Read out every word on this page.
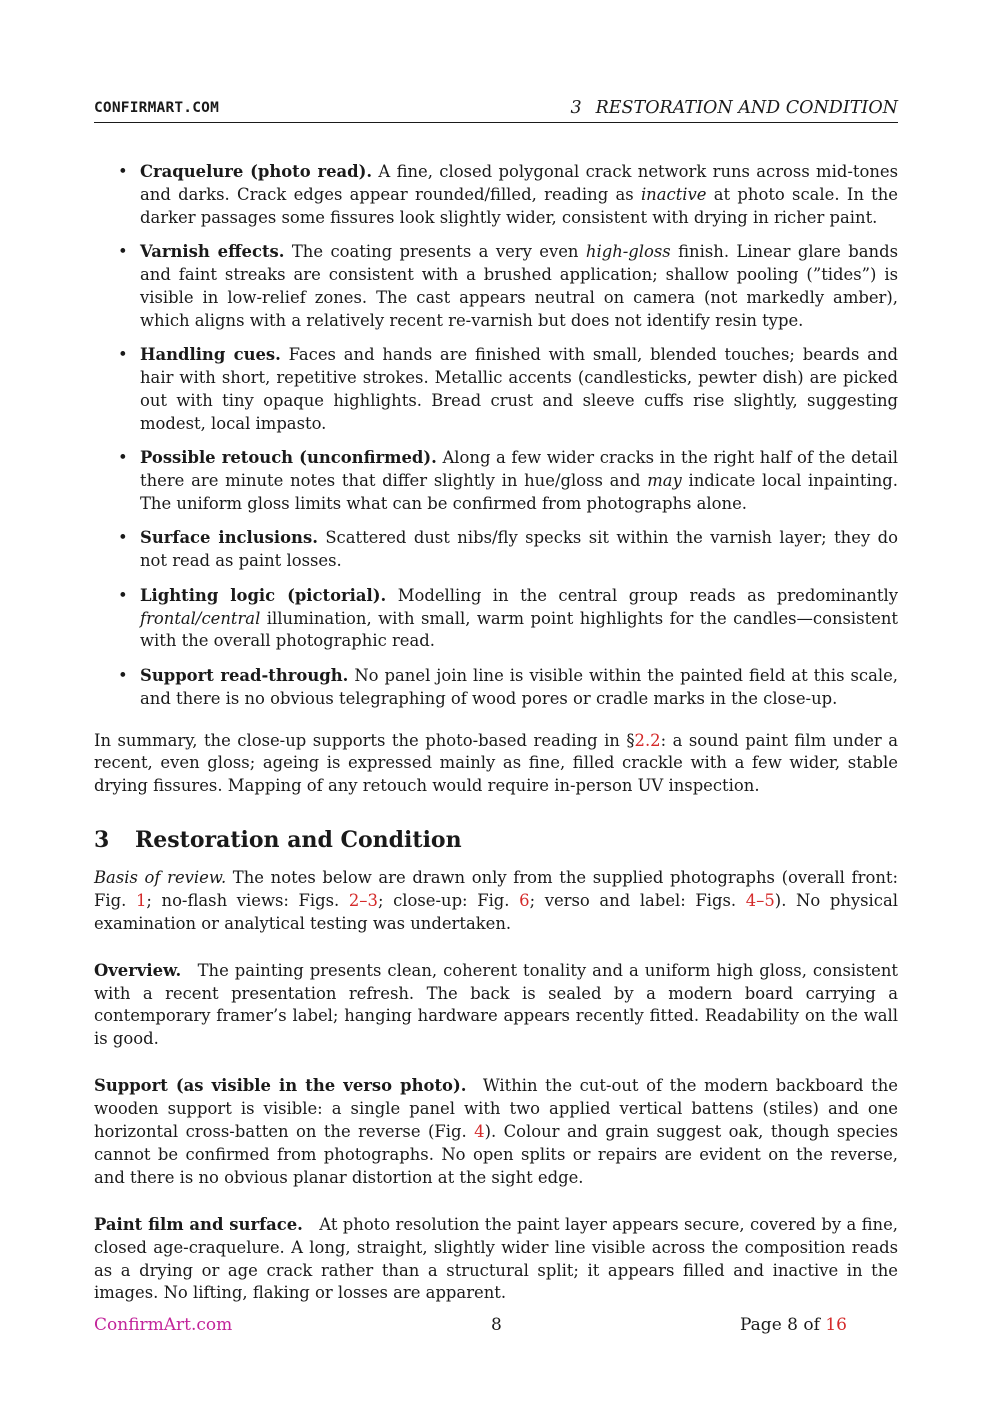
CONFIRMART.COM	3 RESTORATION AND CONDITION
• Craquelure (photo read). A fine, closed polygonal crack network runs across mid-tones and darks. Crack edges appear rounded/filled, reading as inactive at photo scale. In the darker passages some fissures look slightly wider, consistent with drying in richer paint.
• Varnish effects. The coating presents a very even high-gloss finish. Linear glare bands and faint streaks are consistent with a brushed application; shallow pooling (”tides”) is visible in low-relief zones. The cast appears neutral on camera (not markedly amber), which aligns with a relatively recent re-varnish but does not identify resin type.
• Handling cues. Faces and hands are finished with small, blended touches; beards and hair with short, repetitive strokes. Metallic accents (candlesticks, pewter dish) are picked out with tiny opaque highlights. Bread crust and sleeve cuffs rise slightly, suggesting modest, local impasto.
• Possible retouch (unconfirmed). Along a few wider cracks in the right half of the detail there are minute notes that differ slightly in hue/gloss and may indicate local inpainting. The uniform gloss limits what can be confirmed from photographs alone.
• Surface inclusions. Scattered dust nibs/fly specks sit within the varnish layer; they do not read as paint losses.
• Lighting logic (pictorial). Modelling in the central group reads as predominantly frontal/central illumination, with small, warm point highlights for the candles—consistent with the overall photographic read.
• Support read-through. No panel join line is visible within the painted field at this scale, and there is no obvious telegraphing of wood pores or cradle marks in the close-up.

In summary, the close-up supports the photo-based reading in §2.2: a sound paint film under a recent, even gloss; ageing is expressed mainly as fine, filled crackle with a few wider, stable drying fissures. Mapping of any retouch would require in-person UV inspection.

3 Restoration and Condition

Basis of review. The notes below are drawn only from the supplied photographs (overall front: Fig. 1; no-flash views: Figs. 2–3; close-up: Fig. 6; verso and label: Figs. 4–5). No physical examination or analytical testing was undertaken.

Overview. The painting presents clean, coherent tonality and a uniform high gloss, consistent with a recent presentation refresh. The back is sealed by a modern board carrying a contemporary framer’s label; hanging hardware appears recently fitted. Readability on the wall is good.

Support (as visible in the verso photo). Within the cut-out of the modern backboard the wooden support is visible: a single panel with two applied vertical battens (stiles) and one horizontal cross-batten on the reverse (Fig. 4). Colour and grain suggest oak, though species cannot be confirmed from photographs. No open splits or repairs are evident on the reverse, and there is no obvious planar distortion at the sight edge.

Paint film and surface. At photo resolution the paint layer appears secure, covered by a fine, closed age-craquelure. A long, straight, slightly wider line visible across the composition reads as a drying or age crack rather than a structural split; it appears filled and inactive in the images. No lifting, flaking or losses are apparent.

ConfirmArt.com	8	Page 8 of 16
